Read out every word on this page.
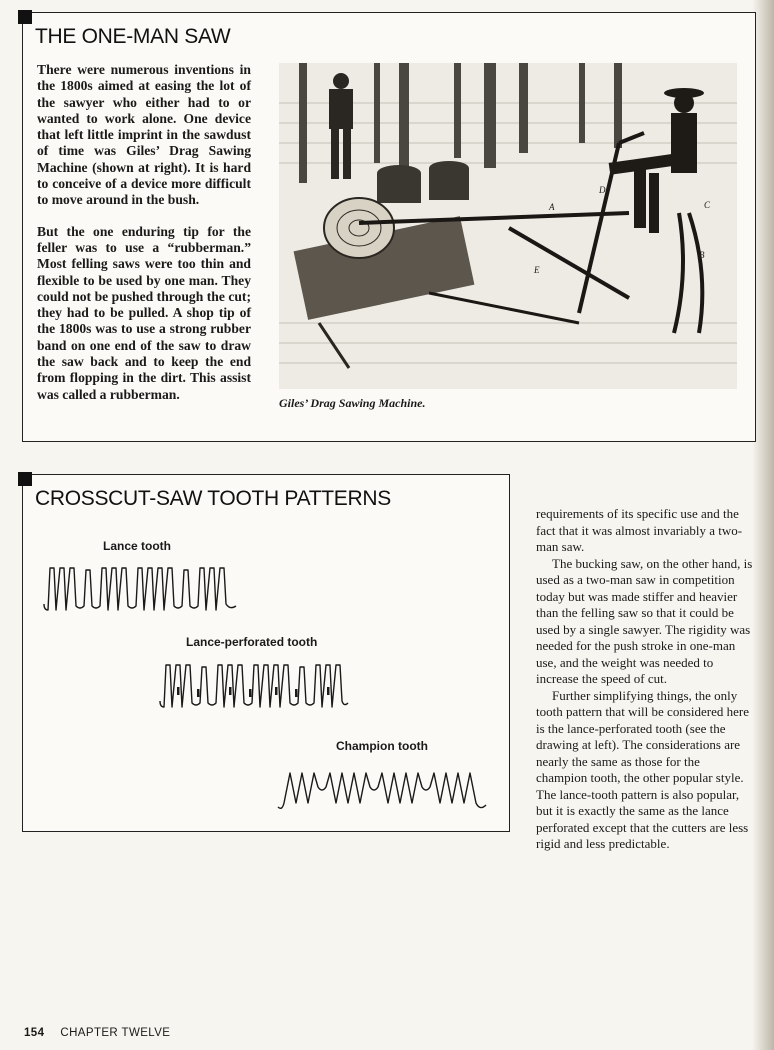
THE ONE-MAN SAW

There were numerous inventions in the 1800s aimed at easing the lot of the sawyer who either had to or wanted to work alone. One device that left little imprint in the sawdust of time was Giles’ Drag Sawing Machine (shown at right). It is hard to conceive of a device more difficult to move around in the bush.

But the one enduring tip for the feller was to use a “rubberman.” Most felling saws were too thin and flexible to be used by one man. They could not be pushed through the cut; they had to be pulled. A shop tip of the 1800s was to use a strong rubber band on one end of the saw to draw the saw back and to keep the end from flopping in the dirt. This assist was called a rubberman.

A
B
C
D
E
Giles’ Drag Sawing Machine.
CROSSCUT-SAW TOOTH PATTERNS
Lance tooth
Lance-perforated tooth
Champion tooth

requirements of its specific use and the fact that it was almost invariably a two-man saw.

The bucking saw, on the other hand, is used as a two-man saw in competition today but was made stiffer and heavier than the felling saw so that it could be used by a single sawyer. The rigidity was needed for the push stroke in one-man use, and the weight was needed to increase the speed of cut.

Further simplifying things, the only tooth pattern that will be considered here is the lance-perforated tooth (see the drawing at left). The considerations are nearly the same as those for the champion tooth, the other popular style. The lance-tooth pattern is also popular, but it is exactly the same as the lance perforated except that the cutters are less rigid and less predictable.

154 CHAPTER TWELVE
